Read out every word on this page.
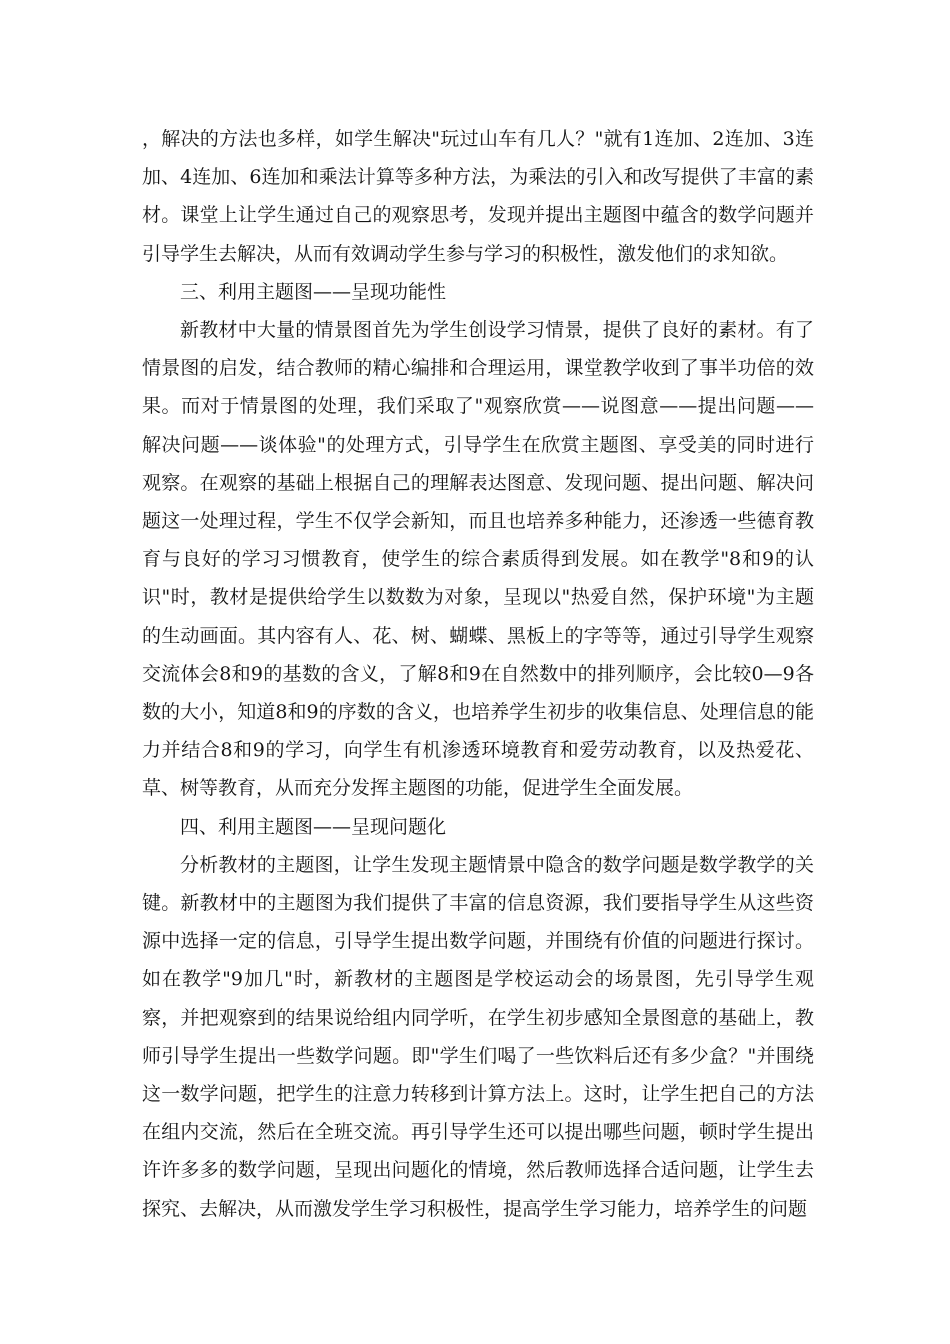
，解决的方法也多样，如学生解决"玩过山车有几人？"就有1连加、2连加、3连加、4连加、6连加和乘法计算等多种方法，为乘法的引入和改写提供了丰富的素材。课堂上让学生通过自己的观察思考，发现并提出主题图中蕴含的数学问题并引导学生去解决，从而有效调动学生参与学习的积极性，激发他们的求知欲。

三、利用主题图——呈现功能性

新教材中大量的情景图首先为学生创设学习情景，提供了良好的素材。有了情景图的启发，结合教师的精心编排和合理运用，课堂教学收到了事半功倍的效果。而对于情景图的处理，我们采取了"观察欣赏——说图意——提出问题——解决问题——谈体验"的处理方式，引导学生在欣赏主题图、享受美的同时进行观察。在观察的基础上根据自己的理解表达图意、发现问题、提出问题、解决问题这一处理过程，学生不仅学会新知，而且也培养多种能力，还渗透一些德育教育与良好的学习习惯教育，使学生的综合素质得到发展。如在教学"8和9的认识"时，教材是提供给学生以数数为对象，呈现以"热爱自然，保护环境"为主题的生动画面。其内容有人、花、树、蝴蝶、黑板上的字等等，通过引导学生观察交流体会8和9的基数的含义，了解8和9在自然数中的排列顺序，会比较0—9各数的大小，知道8和9的序数的含义，也培养学生初步的收集信息、处理信息的能力并结合8和9的学习，向学生有机渗透环境教育和爱劳动教育，以及热爱花、草、树等教育，从而充分发挥主题图的功能，促进学生全面发展。

四、利用主题图——呈现问题化

分析教材的主题图，让学生发现主题情景中隐含的数学问题是数学教学的关键。新教材中的主题图为我们提供了丰富的信息资源，我们要指导学生从这些资源中选择一定的信息，引导学生提出数学问题，并围绕有价值的问题进行探讨。如在教学"9加几"时，新教材的主题图是学校运动会的场景图，先引导学生观察，并把观察到的结果说给组内同学听，在学生初步感知全景图意的基础上，教师引导学生提出一些数学问题。即"学生们喝了一些饮料后还有多少盒？"并围绕这一数学问题，把学生的注意力转移到计算方法上。这时，让学生把自己的方法在组内交流，然后在全班交流。再引导学生还可以提出哪些问题，顿时学生提出许许多多的数学问题，呈现出问题化的情境，然后教师选择合适问题，让学生去探究、去解决，从而激发学生学习积极性，提高学生学习能力，培养学生的问题
